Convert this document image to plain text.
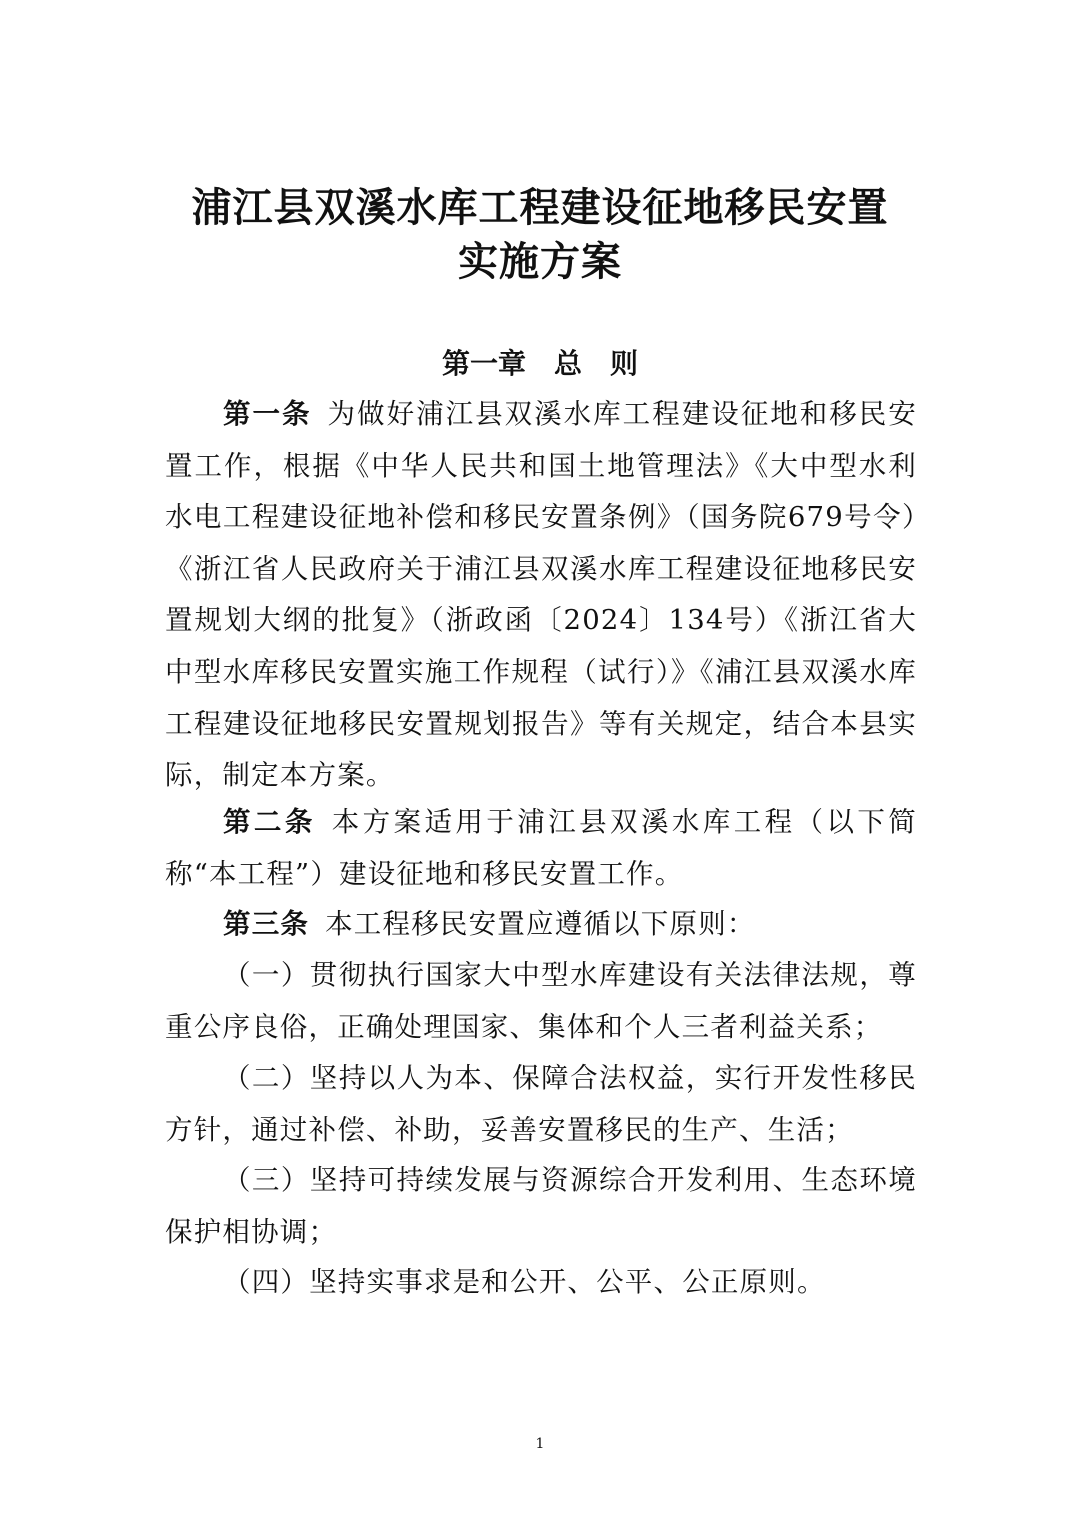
浦江县双溪水库工程建设征地移民安置
实施方案
第一章　总　则

第一条 为做好浦江县双溪水库工程建设征地和移民安置工作，根据《中华人民共和国土地管理法》《大中型水利水电工程建设征地补偿和移民安置条例》（国务院679号令）《浙江省人民政府关于浦江县双溪水库工程建设征地移民安置规划大纲的批复》（浙政函〔2024〕134号）《浙江省大中型水库移民安置实施工作规程（试行）》《浦江县双溪水库工程建设征地移民安置规划报告》等有关规定，结合本县实际，制定本方案。

第二条 本方案适用于浦江县双溪水库工程（以下简称“本工程”）建设征地和移民安置工作。

第三条 本工程移民安置应遵循以下原则：

（一）贯彻执行国家大中型水库建设有关法律法规，尊重公序良俗，正确处理国家、集体和个人三者利益关系；

（二）坚持以人为本、保障合法权益，实行开发性移民方针，通过补偿、补助，妥善安置移民的生产、生活；

（三）坚持可持续发展与资源综合开发利用、生态环境保护相协调；

（四）坚持实事求是和公开、公平、公正原则。

1
